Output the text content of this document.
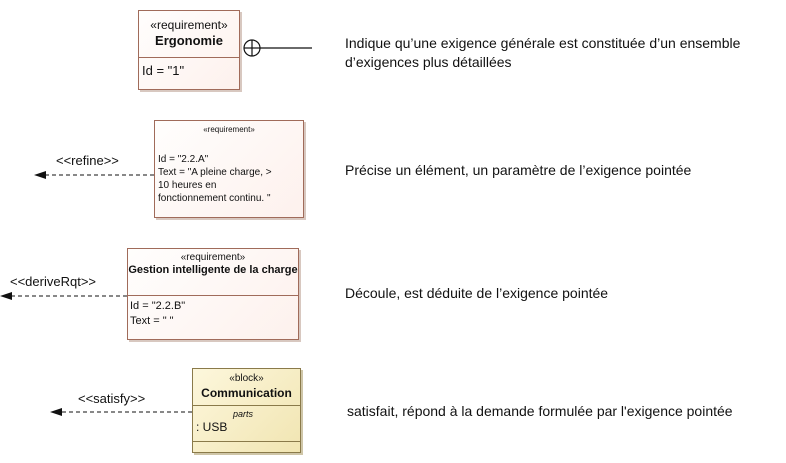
«requirement»
Ergonomie
Id = "1"
Indique qu’une exigence générale est constituée d’un ensemble d’exigences plus détaillées
<<refine>>
«requirement»
Id = "2.2.A"
Text = "A pleine charge, >
10 heures en
fonctionnement continu. "
Précise un élément, un paramètre de l’exigence pointée
<<deriveRqt>>
«requirement»
Gestion intelligente de la charge
Id = "2.2.B"
Text = " "
Découle, est déduite de l’exigence pointée
<<satisfy>>
«block»
Communication
parts
: USB
satisfait, répond à la demande formulée par l'exigence pointée
